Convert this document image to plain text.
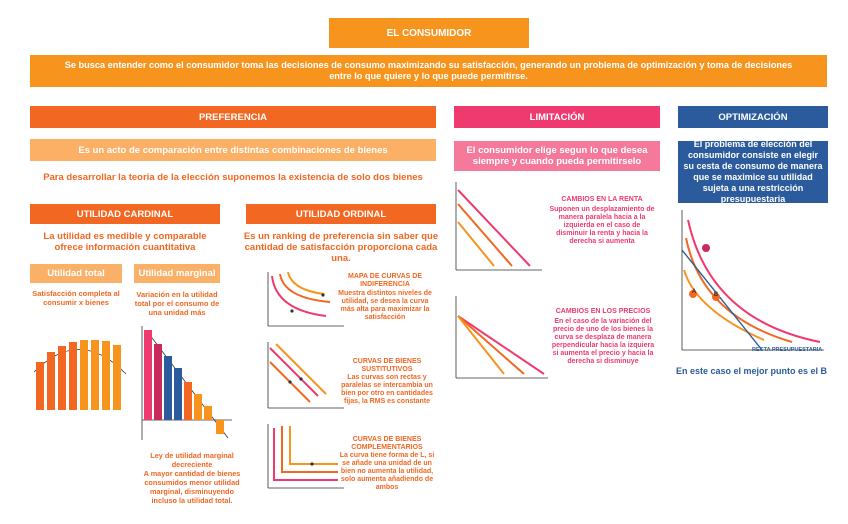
EL CONSUMIDOR
Se busca entender como el consumidor toma las decisiones de consumo maximizando su satisfacción, generando un problema de optimización y toma de decisiones entre lo que quiere y lo que puede permitirse.
PREFERENCIA
Es un acto de comparación entre distintas combinaciones de bienes
Para desarrollar la teoria de la elección suponemos la existencia de solo dos bienes
UTILIDAD CARDINAL
La utilidad es medible y comparable ofrece información cuantitativa
Utilidad total
Satisfacción completa al consumir x bienes
Utilidad marginal
Variación en la utilidad total por el consumo de una unidad más
Ley de utilidad marginal decreciente
A mayor cantidad de bienes consumidos menor utilidad marginal, disminuyendo incluso la utilidad total.
UTILIDAD ORDINAL
Es un ranking de preferencia sin saber que cantidad de satisfacción proporciona cada una.
MAPA DE CURVAS DE INDIFERENCIA
Muestra distintos niveles de utilidad, se desea la curva más alta para maximizar la satisfacción
CURVAS DE BIENES SUSTITUTIVOS
Las curvas son rectas y paralelas se intercambia un bien por otro en cantidades fijas, la RMS es constante
CURVAS DE BIENES COMPLEMENTARIOS
La curva tiene forma de L, si se añade una unidad de un bien no aumenta la utilidad, solo aumenta añadiendo de ambos
LIMITACIÓN
El consumidor elige segun lo que desea siempre y cuando pueda permitirselo
CAMBIOS EN LA RENTA
Suponen un desplazamiento de manera paralela hacia a la izquierda en el caso de disminuir la renta y hacia la derecha si aumenta
CAMBIOS EN LOS PRECIOS
En el caso de la variación del precio de uno de los bienes la curva se desplaza de manera perpendicular hacia la izquiera si aumenta el precio y hacia la derecha si disminuye
OPTIMIZACIÓN
El problema de elección del consumidor consiste en elegir su cesta de consumo de manera que se maximice su utilidad sujeta a una restricción presupuestaria
A	B
RECTA PRESUPUESTARIA
En este caso el mejor punto es el B
